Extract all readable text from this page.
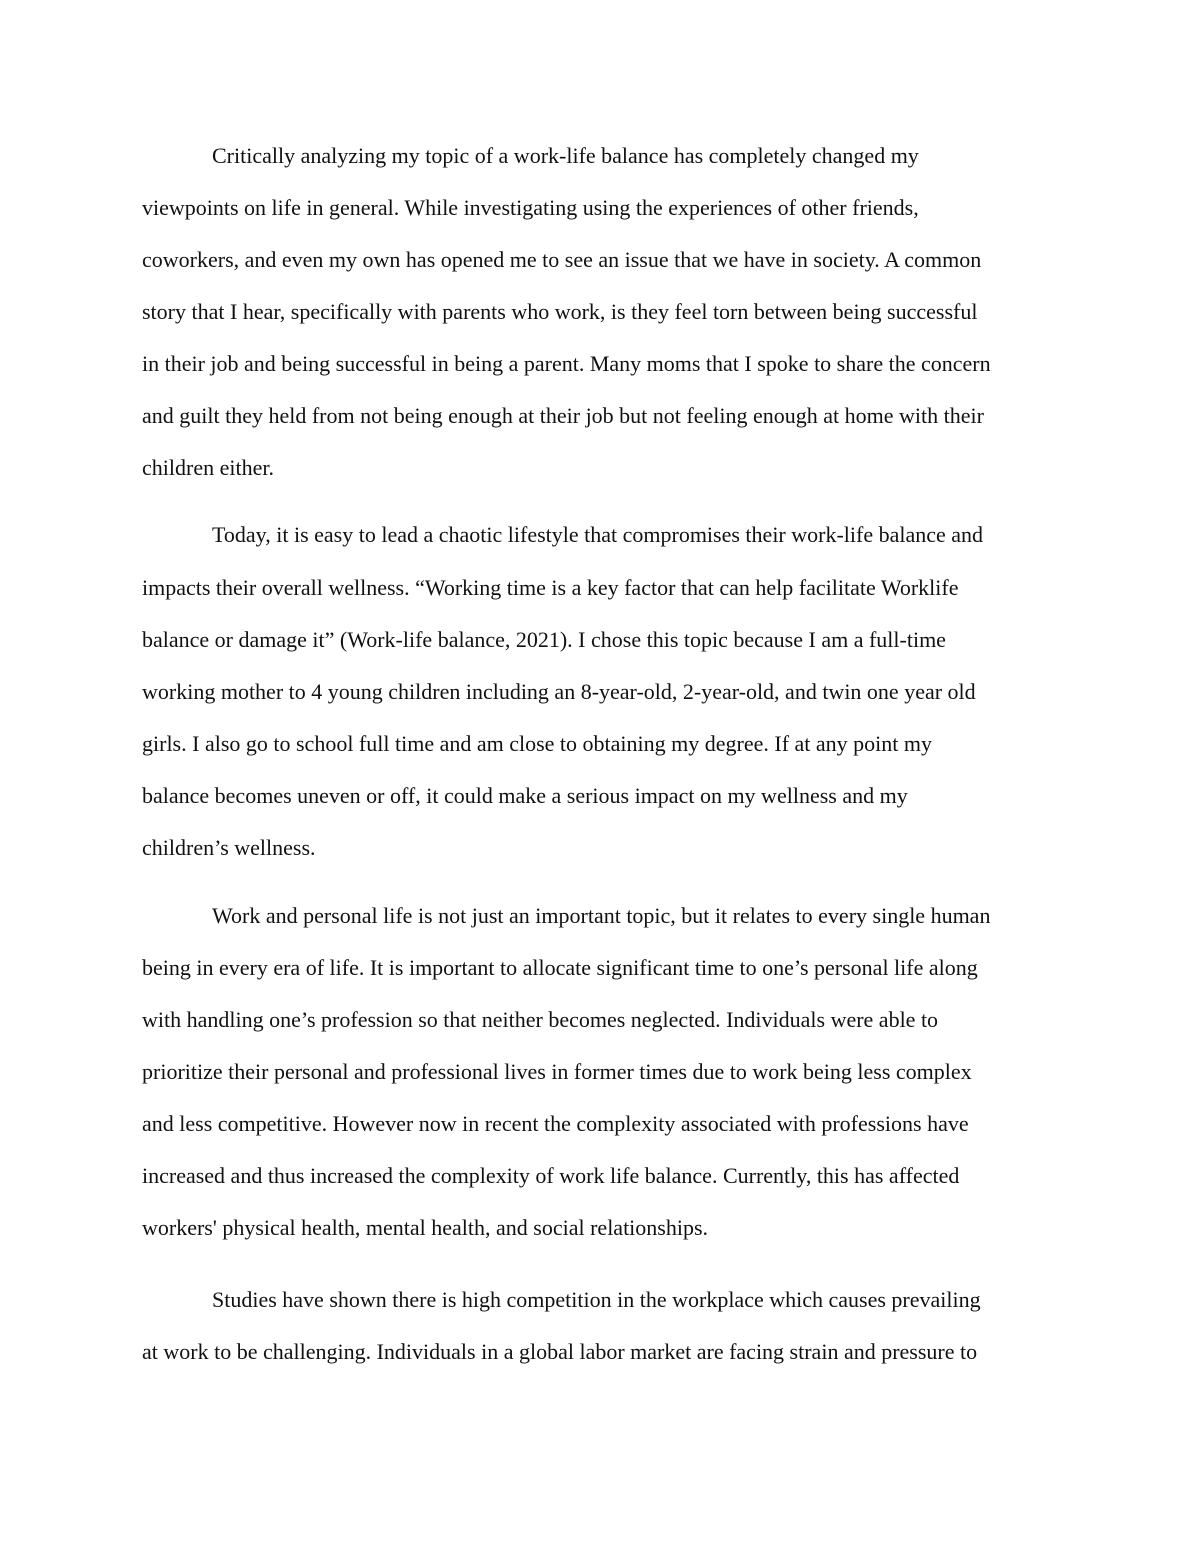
Critically analyzing my topic of a work-life balance has completely changed my

viewpoints on life in general. While investigating using the experiences of other friends,

coworkers, and even my own has opened me to see an issue that we have in society. A common

story that I hear, specifically with parents who work, is they feel torn between being successful

in their job and being successful in being a parent. Many moms that I spoke to share the concern

and guilt they held from not being enough at their job but not feeling enough at home with their

children either.

Today, it is easy to lead a chaotic lifestyle that compromises their work-life balance and

impacts their overall wellness. “Working time is a key factor that can help facilitate Worklife

balance or damage it” (Work-life balance, 2021). I chose this topic because I am a full-time

working mother to 4 young children including an 8-year-old, 2-year-old, and twin one year old

girls. I also go to school full time and am close to obtaining my degree. If at any point my

balance becomes uneven or off, it could make a serious impact on my wellness and my

children’s wellness.

Work and personal life is not just an important topic, but it relates to every single human

being in every era of life. It is important to allocate significant time to one’s personal life along

with handling one’s profession so that neither becomes neglected. Individuals were able to

prioritize their personal and professional lives in former times due to work being less complex

and less competitive. However now in recent the complexity associated with professions have

increased and thus increased the complexity of work life balance. Currently, this has affected

workers' physical health, mental health, and social relationships.

Studies have shown there is high competition in the workplace which causes prevailing

at work to be challenging. Individuals in a global labor market are facing strain and pressure to
